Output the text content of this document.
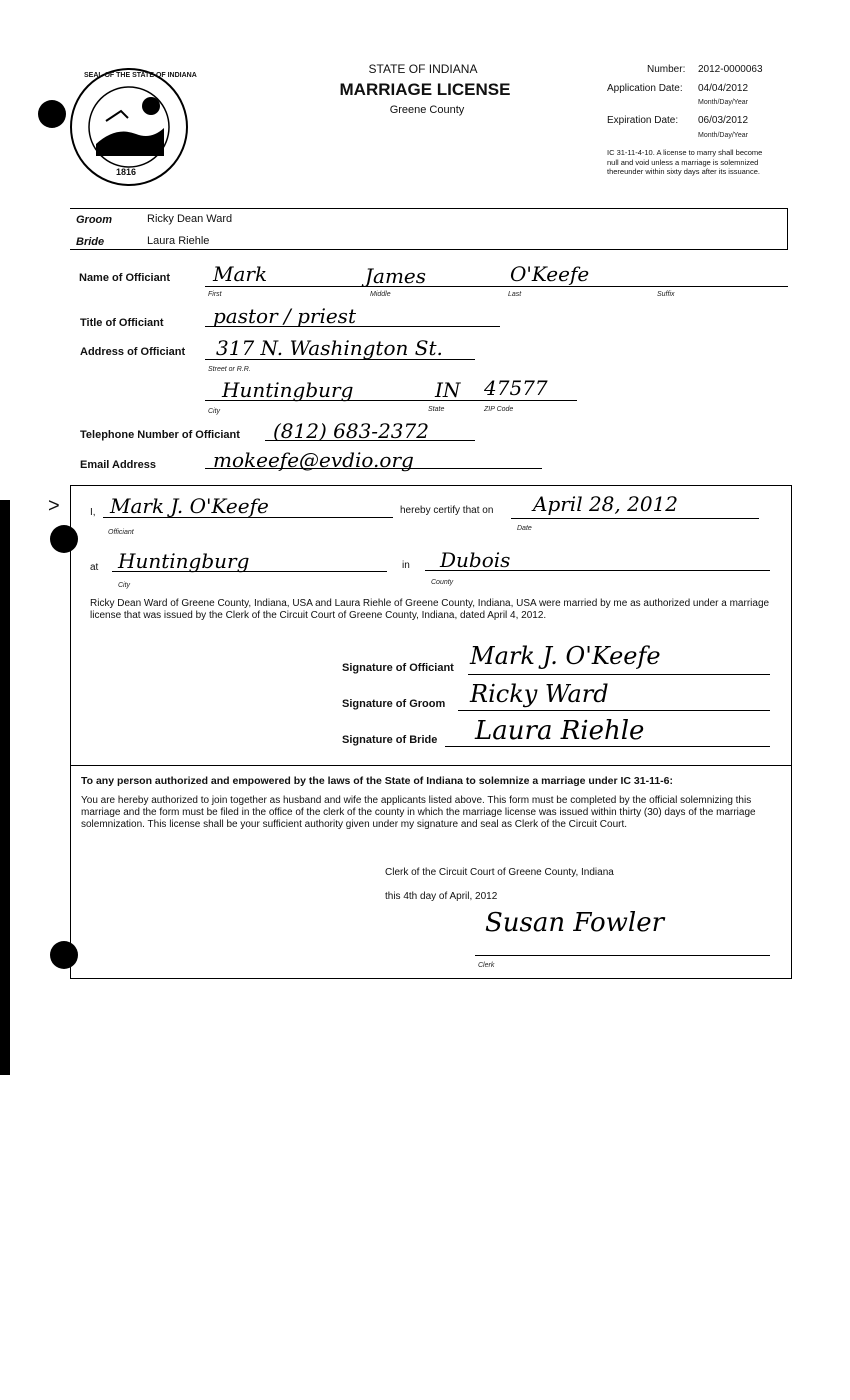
>
SEAL OF THE STATE OF INDIANA
1816
STATE OF INDIANA
MARRIAGE LICENSE
Greene County
Number: 2012-0000063
Application Date: 04/04/2012
Month/Day/Year
Expiration Date: 06/03/2012
Month/Day/Year
IC 31-11-4-10. A license to marry shall become null and void unless a marriage is solemnized thereunder within sixty days after its issuance.
Groom	Ricky Dean Ward
Bride	Laura Riehle
Name of Officiant Mark	James	O'Keefe
First	Middle	Last	Suffix
Title of Officiant pastor / priest
Address of Officiant 317 N. Washington St.
Street or R.R.
Huntingburg	IN 47577
City	State	ZIP Code
Telephone Number of Officiant (812) 683-2372
Email Address	mokeefe@evdio.org
I, Mark J. O'Keefe
Officiant
hereby certify that on April 28, 2012
Date
at Huntingburg
City
in Dubois
County
Ricky Dean Ward of Greene County, Indiana, USA and Laura Riehle of Greene County, Indiana, USA were married by me as authorized under a marriage license that was issued by the Clerk of the Circuit Court of Greene County, Indiana, dated April 4, 2012.
Signature of Officiant Mark J. O'Keefe
Signature of Groom Ricky Ward
Signature of Bride Laura Riehle
To any person authorized and empowered by the laws of the State of Indiana to solemnize a marriage under IC 31-11-6:
You are hereby authorized to join together as husband and wife the applicants listed above. This form must be completed by the official solemnizing this marriage and the form must be filed in the office of the clerk of the county in which the marriage license was issued within thirty (30) days of the marriage solemnization. This license shall be your sufficient authority given under my signature and seal as Clerk of the Circuit Court.
Clerk of the Circuit Court of Greene County, Indiana
this 4th day of April, 2012
Susan Fowler
Clerk
